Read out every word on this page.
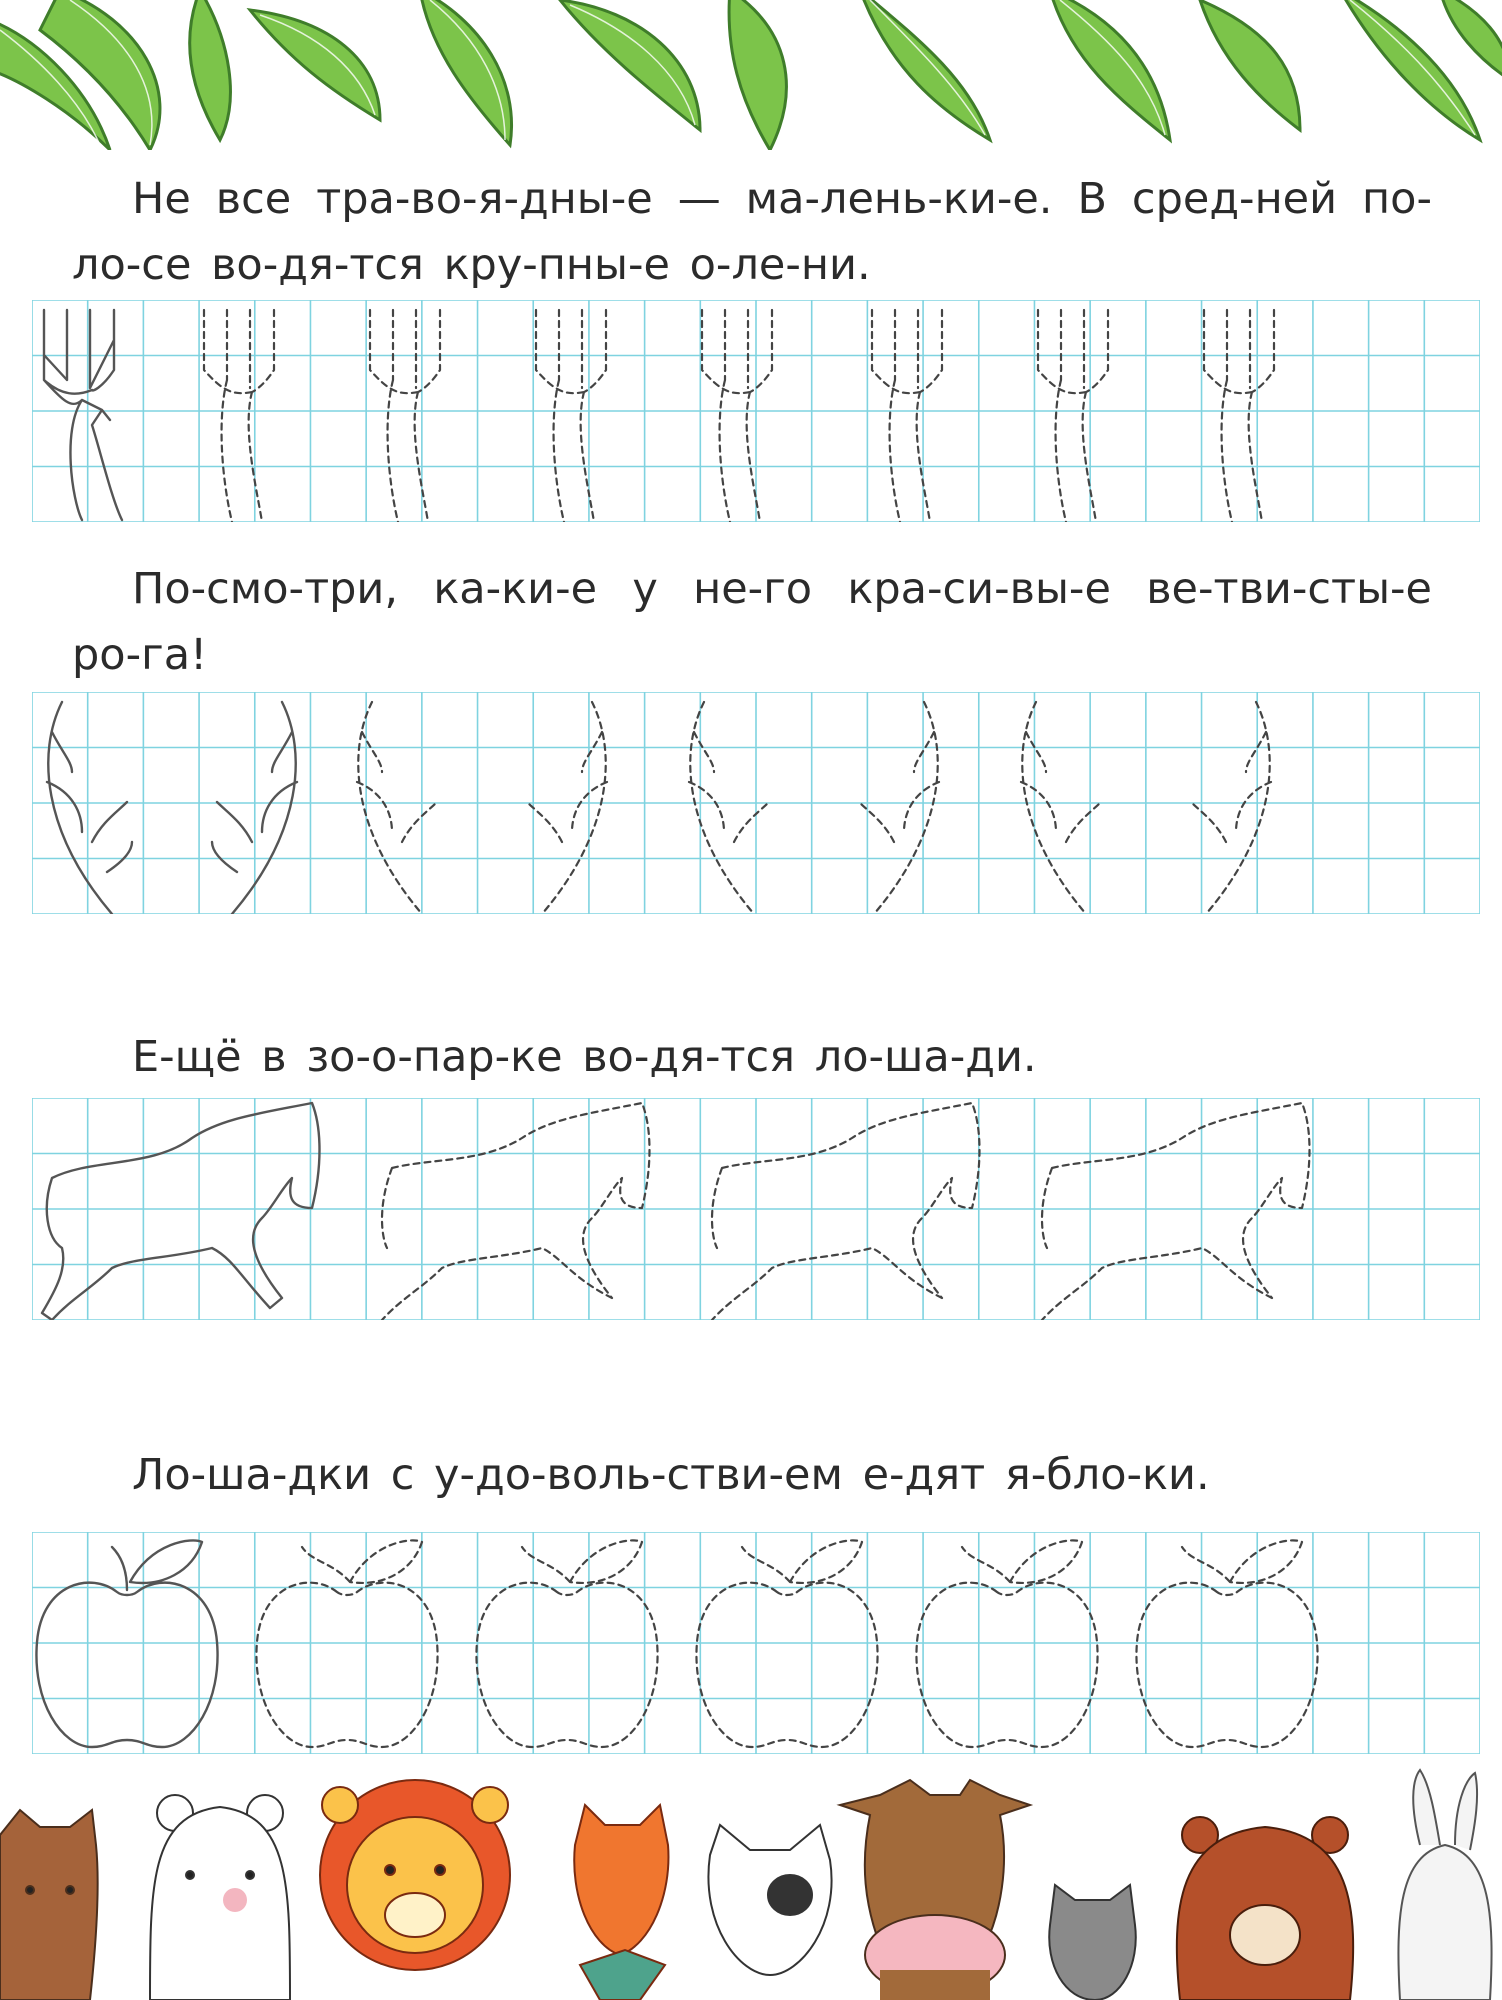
Не все тра-во-я-дны-е — ма-лень-ки-е. В сред-ней по-ло-се во-дя-тся кру-пны-е о-ле-ни.
По-смо-три, ка-ки-е у не-го кра-си-вы-е ве-тви-сты-е ро-га!
Е-щё в зо-о-пар-ке во-дя-тся ло-ша-ди.
Ло-ша-дки с у-до-воль-стви-ем е-дят я-бло-ки.
